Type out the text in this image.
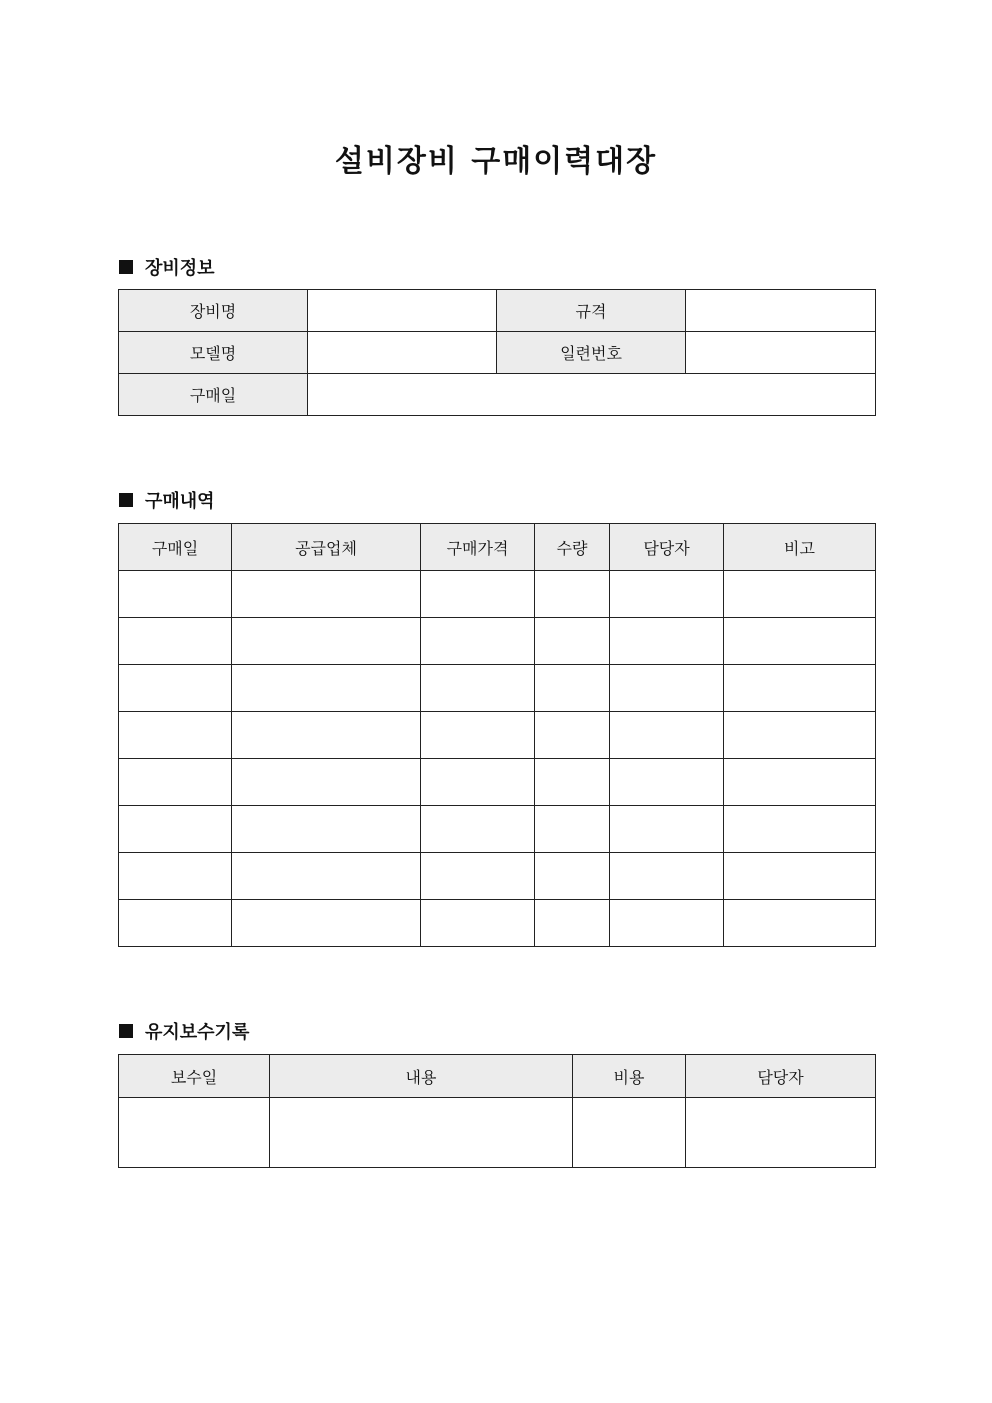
설비장비 구매이력대장
장비정보
장비명		규격	
모델명		일련번호	
구매일			
구매내역
구매일	공급업체	구매가격	수량	담당자	비고

유지보수기록
보수일	내용	비용	담당자
